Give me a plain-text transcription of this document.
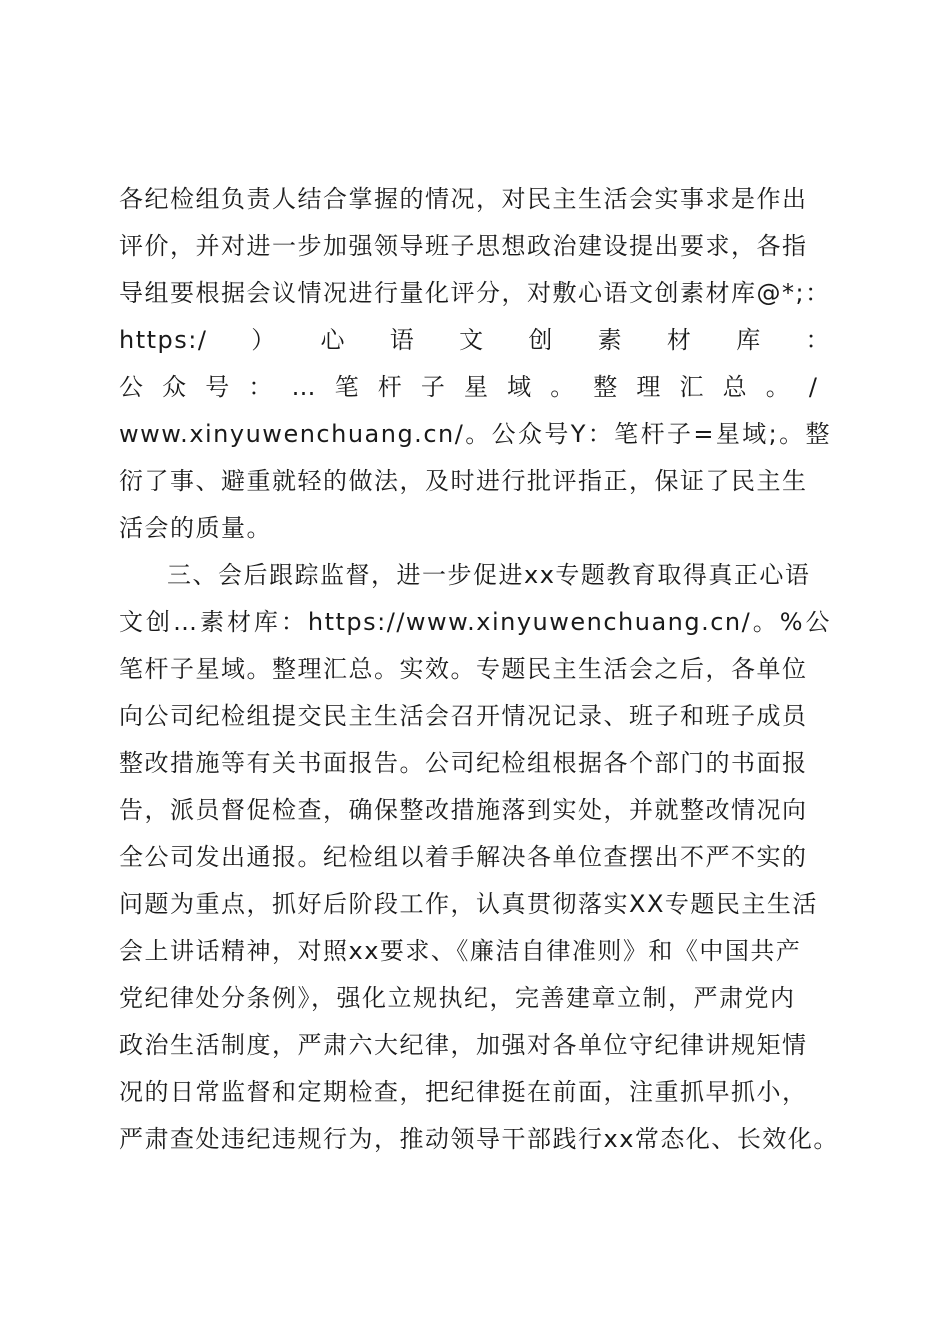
各纪检组负责人结合掌握的情况，对民主生活会实事求是作出
评价，并对进一步加强领导班子思想政治建设提出要求，各指
导组要根据会议情况进行量化评分，对敷心语文创素材库@*;：
https:/）心语文创素材库：
公众号：…笔杆子星域。整理汇总。/
www.xinyuwenchuang.cn/。公众号Y：笔杆子=星域;。整
衍了事、避重就轻的做法，及时进行批评指正，保证了民主生
活会的质量。
三、会后跟踪监督，进一步促进xx专题教育取得真正心语
文创…素材库：https://www.xinyuwenchuang.cn/。%公
笔杆子星域。整理汇总。实效。专题民主生活会之后，各单位
向公司纪检组提交民主生活会召开情况记录、班子和班子成员
整改措施等有关书面报告。公司纪检组根据各个部门的书面报
告，派员督促检查，确保整改措施落到实处，并就整改情况向
全公司发出通报。纪检组以着手解决各单位查摆出不严不实的
问题为重点，抓好后阶段工作，认真贯彻落实XX专题民主生活
会上讲话精神，对照xx要求、《廉洁自律准则》和《中国共产
党纪律处分条例》，强化立规执纪，完善建章立制，严肃党内
政治生活制度，严肃六大纪律，加强对各单位守纪律讲规矩情
况的日常监督和定期检查，把纪律挺在前面，注重抓早抓小，
严肃查处违纪违规行为，推动领导干部践行xx常态化、长效化。
